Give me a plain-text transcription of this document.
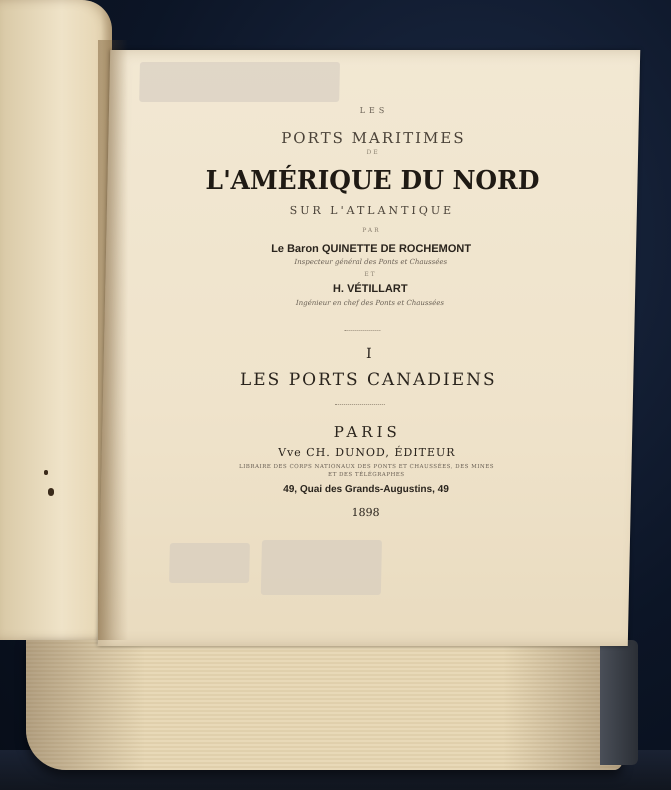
LES
PORTS MARITIMES
DE
L'AMÉRIQUE DU NORD
SUR L'ATLANTIQUE
PAR
Le Baron QUINETTE DE ROCHEMONT
Inspecteur général des Ponts et Chaussées
ET
H. VÉTILLART
Ingénieur en chef des Ponts et Chaussées
I
LES PORTS CANADIENS
PARIS
Vve CH. DUNOD, ÉDITEUR
LIBRAIRE DES CORPS NATIONAUX DES PONTS ET CHAUSSÉES, DES MINES
ET DES TÉLÉGRAPHES
49, Quai des Grands-Augustins, 49
1898
